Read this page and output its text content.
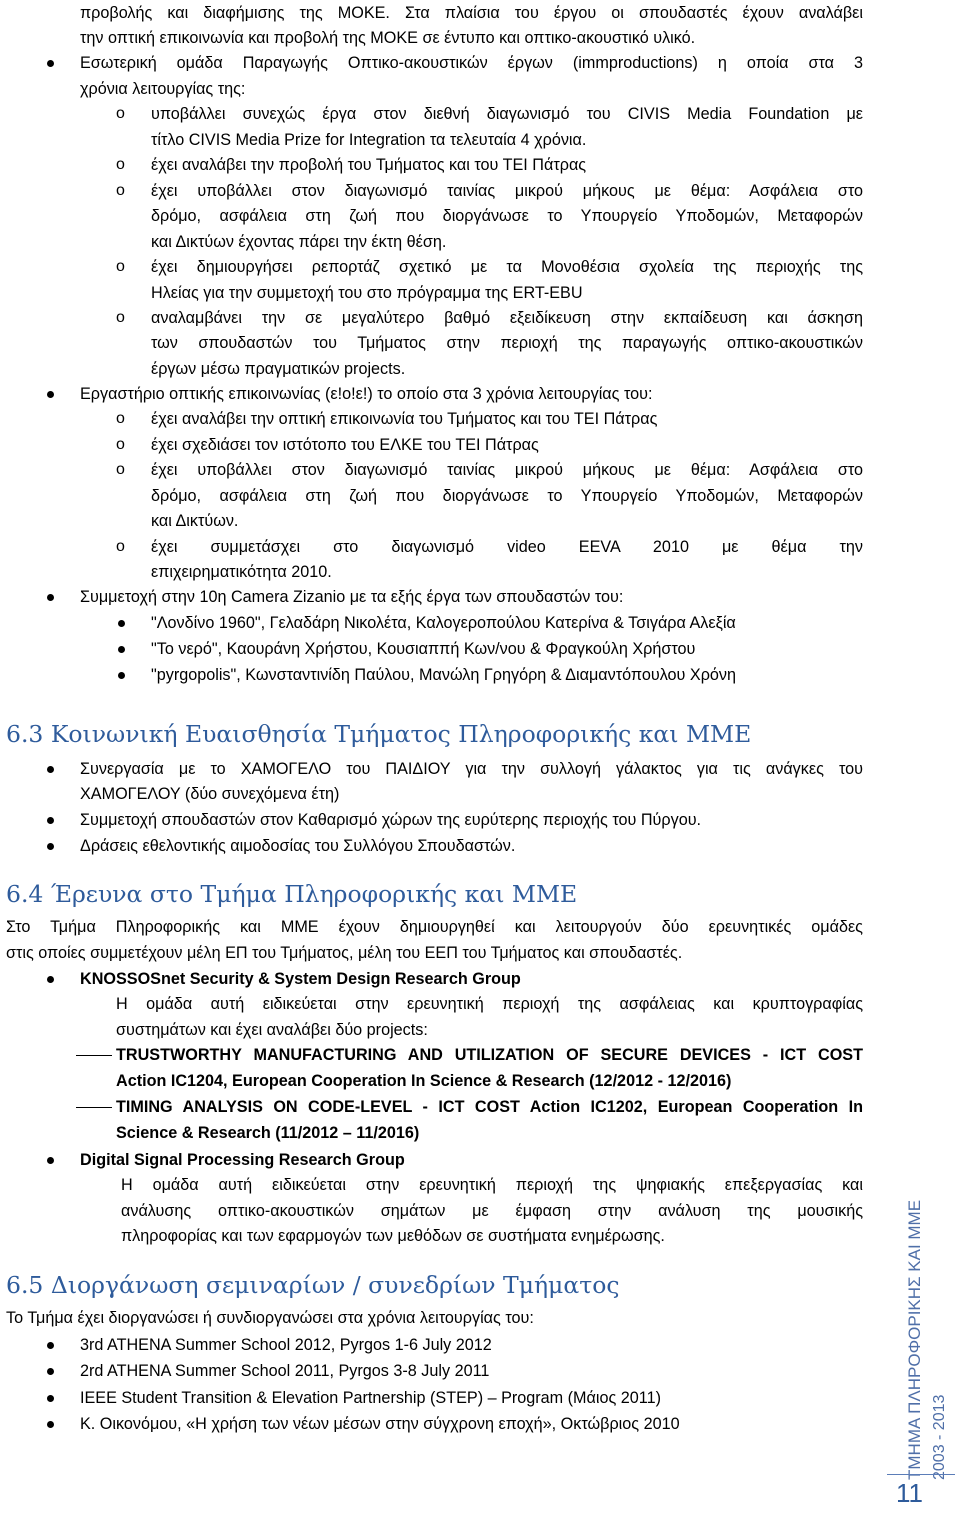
προβολής και διαφήμισης της ΜΟΚΕ. Στα πλαίσια του έργου οι σπουδαστές έχουν αναλάβει
την οπτική επικοινωνία και προβολή της ΜΟΚΕ σε έντυπο και οπτικο-ακουστικό υλικό.
Εσωτερική ομάδα Παραγωγής Οπτικο-ακουστικών έργων (immproductions) η οποία στα 3
χρόνια λειτουργίας της:
o υποβάλλει συνεχώς έργα στον διεθνή διαγωνισμό του CIVIS Media Foundation με
τίτλο CIVIS Media Prize for Integration τα τελευταία 4 χρόνια.
o έχει αναλάβει την προβολή του Τμήματος και του ΤΕΙ Πάτρας
o έχει υποβάλλει στον διαγωνισμό ταινίας μικρού μήκους με θέμα: Ασφάλεια στο
δρόμο, ασφάλεια στη ζωή που διοργάνωσε το Υπουργείο Υποδομών, Μεταφορών
και Δικτύων έχοντας πάρει την έκτη θέση.
o έχει δημιουργήσει ρεπορτάζ σχετικό με τα Μονοθέσια σχολεία της περιοχής της
Ηλείας για την συμμετοχή του στο πρόγραμμα της ERT-EBU
o αναλαμβάνει την σε μεγαλύτερο βαθμό εξειδίκευση στην εκπαίδευση και άσκηση
των σπουδαστών του Τμήματος στην περιοχή της παραγωγής οπτικο-ακουστικών
έργων μέσω πραγματικών projects.
Εργαστήριο οπτικής επικοινωνίας (ε!ο!ε!) το οποίο στα 3 χρόνια λειτουργίας του:
o έχει αναλάβει την οπτική επικοινωνία του Τμήματος και του ΤΕΙ Πάτρας
o έχει σχεδιάσει τον ιστότοπο του ΕΛΚΕ του ΤΕΙ Πάτρας
o έχει υποβάλλει στον διαγωνισμό ταινίας μικρού μήκους με θέμα: Ασφάλεια στο
δρόμο, ασφάλεια στη ζωή που διοργάνωσε το Υπουργείο Υποδομών, Μεταφορών
και Δικτύων.
o έχει συμμετάσχει στο διαγωνισμό video EEVA 2010 με θέμα την
επιχειρηματικότητα 2010.
Συμμετοχή στην 10η Camera Zizanio με τα εξής έργα των σπουδαστών του:
"Λονδίνο 1960", Γελαδάρη Νικολέτα, Καλογεροπούλου Κατερίνα & Τσιγάρα Αλεξία
"Το νερό", Καουράνη Χρήστου, Κουσιαππή Κων/νου & Φραγκούλη Χρήστου
"pyrgopolis", Κωνσταντινίδη Παύλου, Μανώλη Γρηγόρη & Διαμαντόπουλου Χρόνη
6.3 Κοινωνική Ευαισθησία Τμήματος Πληροφορικής και ΜΜΕ
Συνεργασία με το ΧΑΜΟΓΕΛΟ του ΠΑΙΔΙΟΥ για την συλλογή γάλακτος για τις ανάγκες του
ΧΑΜΟΓΕΛΟΥ (δύο συνεχόμενα έτη)
Συμμετοχή σπουδαστών στον Καθαρισμό χώρων της ευρύτερης περιοχής του Πύργου.
Δράσεις εθελοντικής αιμοδοσίας του Συλλόγου Σπουδαστών.
6.4 Έρευνα στο Τμήμα Πληροφορικής και ΜΜΕ
Στο Τμήμα Πληροφορικής και ΜΜΕ έχουν δημιουργηθεί και λειτουργούν δύο ερευνητικές ομάδες
στις οποίες συμμετέχουν μέλη ΕΠ του Τμήματος, μέλη του ΕΕΠ του Τμήματος και σπουδαστές.
KNOSSOSnet Security & System Design Research Group
Η ομάδα αυτή ειδικεύεται στην ερευνητική περιοχή της ασφάλειας και κρυπτογραφίας
συστημάτων και έχει αναλάβει δύο projects:
TRUSTWORTHY MANUFACTURING AND UTILIZATION OF SECURE DEVICES - ICT COST
Action IC1204, European Cooperation In Science & Research (12/2012 - 12/2016)
TIMING ANALYSIS ON CODE-LEVEL - ICT COST Action IC1202, European Cooperation In
Science & Research (11/2012 – 11/2016)
Digital Signal Processing Research Group
Η ομάδα αυτή ειδικεύεται στην ερευνητική περιοχή της ψηφιακής επεξεργασίας και
ανάλυσης οπτικο-ακουστικών σημάτων με έμφαση στην ανάλυση της μουσικής
πληροφορίας και των εφαρμογών των μεθόδων σε συστήματα ενημέρωσης.
6.5 Διοργάνωση σεμιναρίων / συνεδρίων Τμήματος
Το Τμήμα έχει διοργανώσει ή συνδιοργανώσει στα χρόνια λειτουργίας του:
3rd ATHENA Summer School 2012, Pyrgos 1-6 July 2012
2rd ATHENA Summer School 2011, Pyrgos 3-8 July 2011
IEEE Student Transition & Elevation Partnership (STEP) – Program (Μάιος 2011)
Κ. Οικονόμου, «Η χρήση των νέων μέσων στην σύγχρονη εποχή», Οκτώβριος 2010	ΤΜΗΜΑ ΠΛΗΡΟΦΟΡΙΚΗΣ ΚΑΙ ΜΜΕ 2003 - 2013
11
